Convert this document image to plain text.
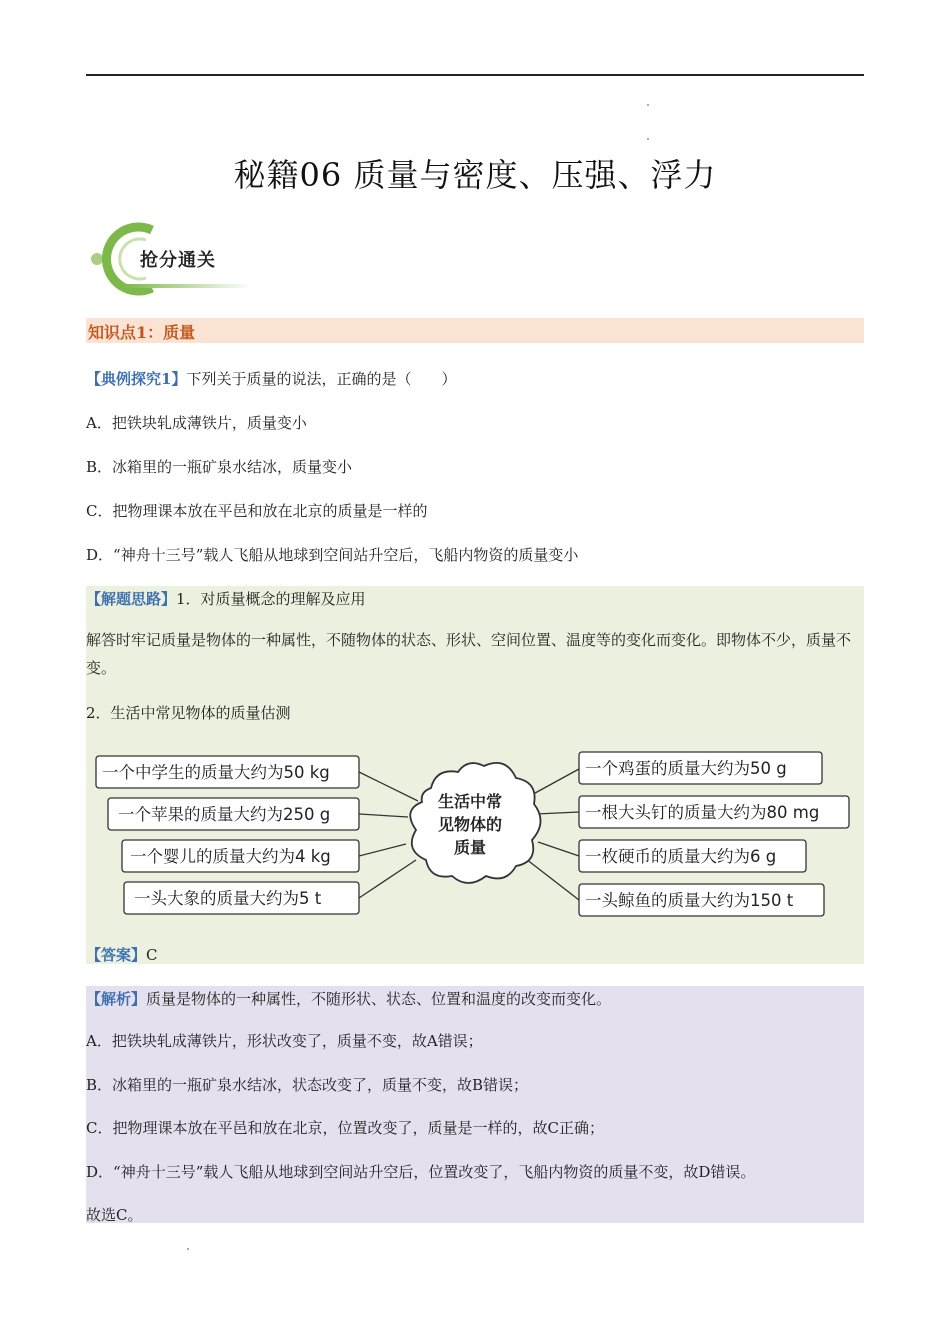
秘籍06 质量与密度、压强、浮力
抢分通关
知识点1：质量
【典例探究1】下列关于质量的说法，正确的是（　　）
A．把铁块轧成薄铁片，质量变小
B．冰箱里的一瓶矿泉水结冰，质量变小
C．把物理课本放在平邑和放在北京的质量是一样的
D．“神舟十三号”载人飞船从地球到空间站升空后，飞船内物资的质量变小
【解题思路】1．对质量概念的理解及应用
解答时牢记质量是物体的一种属性，不随物体的状态、形状、空间位置、温度等的变化而变化。即物体不少，质量不变。
2．生活中常见物体的质量估测
生活中常
见物体的
质量
一个中学生的质量大约为50 kg
一个苹果的质量大约为250 g
一个婴儿的质量大约为4 kg
一头大象的质量大约为5 t
一个鸡蛋的质量大约为50 g
一根大头钉的质量大约为80 mg
一枚硬币的质量大约为6 g
一头鲸鱼的质量大约为150 t
【答案】C
【解析】质量是物体的一种属性，不随形状、状态、位置和温度的改变而变化。
A．把铁块轧成薄铁片，形状改变了，质量不变，故A错误；
B．冰箱里的一瓶矿泉水结冰，状态改变了，质量不变，故B错误；
C．把物理课本放在平邑和放在北京，位置改变了，质量是一样的，故C正确；
D．“神舟十三号”载人飞船从地球到空间站升空后，位置改变了，飞船内物资的质量不变，故D错误。
故选C。
